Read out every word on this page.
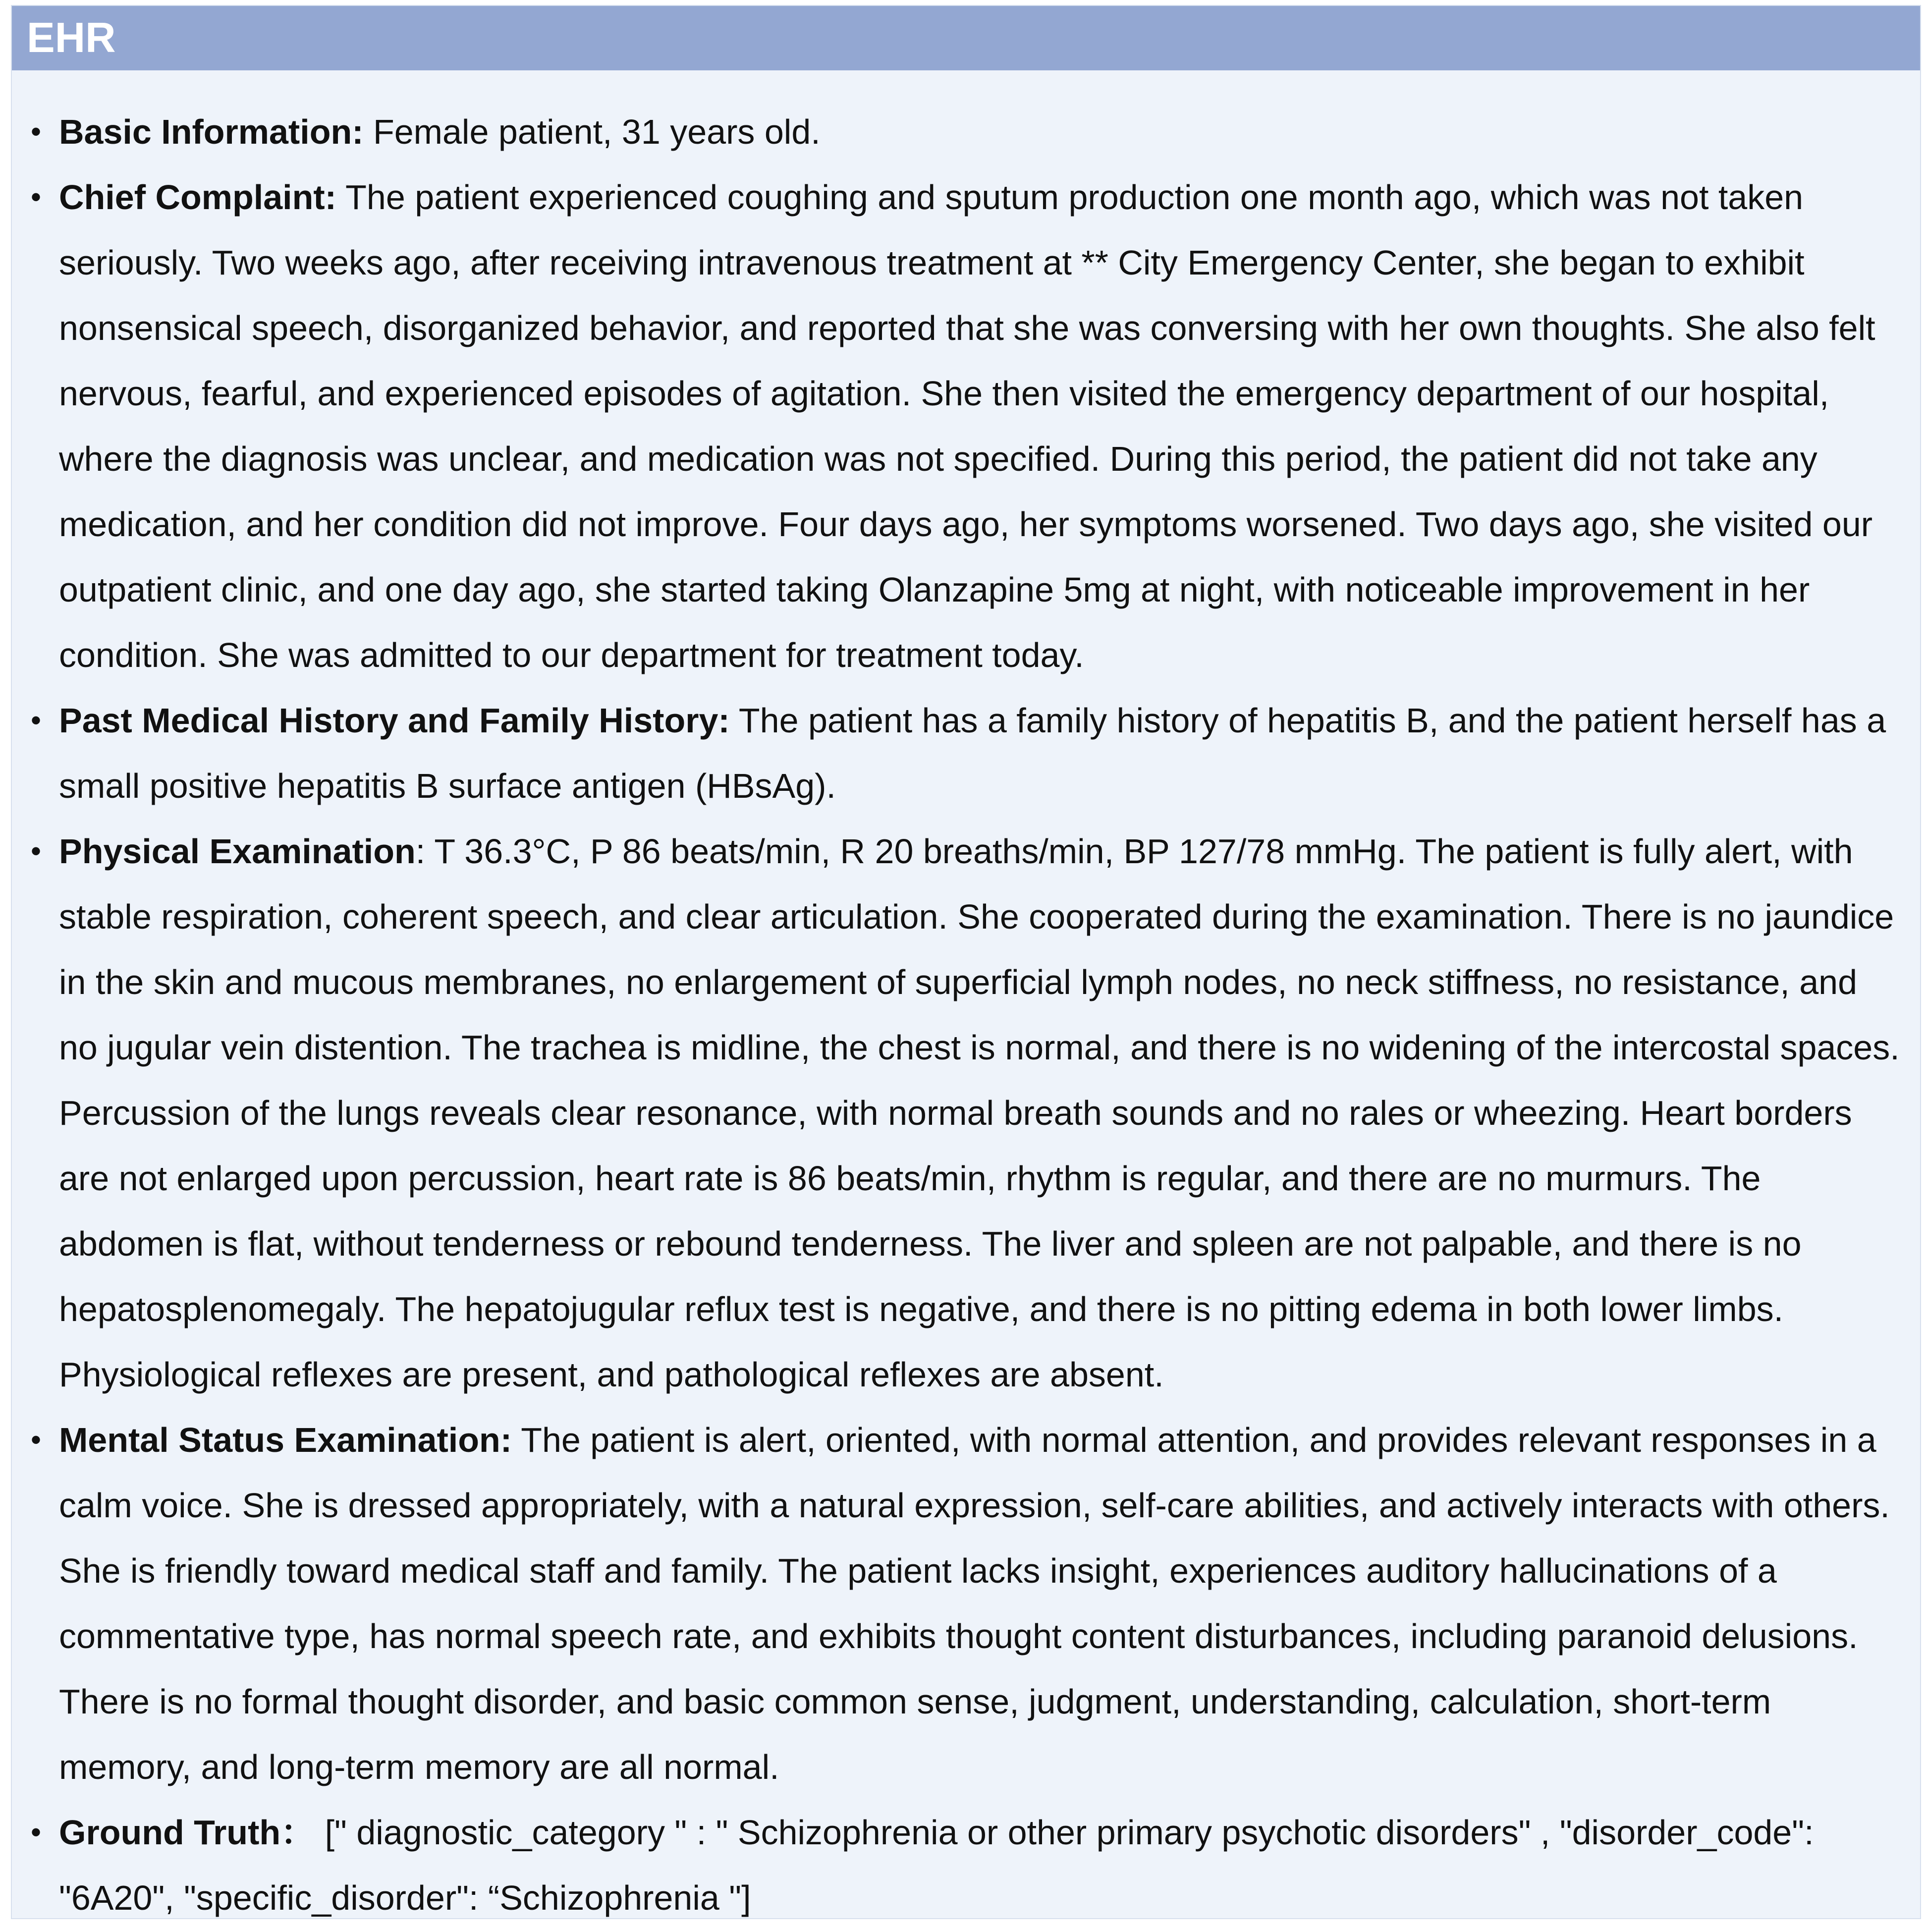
EHR
• Basic Information: Female patient, 31 years old.
• Chief Complaint: The patient experienced coughing and sputum production one month ago, which was not taken seriously. Two weeks ago, after receiving intravenous treatment at ** City Emergency Center, she began to exhibit nonsensical speech, disorganized behavior, and reported that she was conversing with her own thoughts. She also felt nervous, fearful, and experienced episodes of agitation. She then visited the emergency department of our hospital, where the diagnosis was unclear, and medication was not specified. During this period, the patient did not take any medication, and her condition did not improve. Four days ago, her symptoms worsened. Two days ago, she visited our outpatient clinic, and one day ago, she started taking Olanzapine 5mg at night, with noticeable improvement in her condition. She was admitted to our department for treatment today.
• Past Medical History and Family History: The patient has a family history of hepatitis B, and the patient herself has a small positive hepatitis B surface antigen (HBsAg).
• Physical Examination: T 36.3°C, P 86 beats/min, R 20 breaths/min, BP 127/78 mmHg. The patient is fully alert, with stable respiration, coherent speech, and clear articulation. She cooperated during the examination. There is no jaundice in the skin and mucous membranes, no enlargement of superficial lymph nodes, no neck stiffness, no resistance, and no jugular vein distention. The trachea is midline, the chest is normal, and there is no widening of the intercostal spaces. Percussion of the lungs reveals clear resonance, with normal breath sounds and no rales or wheezing. Heart borders are not enlarged upon percussion, heart rate is 86 beats/min, rhythm is regular, and there are no murmurs. The abdomen is flat, without tenderness or rebound tenderness. The liver and spleen are not palpable, and there is no hepatosplenomegaly. The hepatojugular reflux test is negative, and there is no pitting edema in both lower limbs. Physiological reflexes are present, and pathological reflexes are absent.
• Mental Status Examination: The patient is alert, oriented, with normal attention, and provides relevant responses in a calm voice. She is dressed appropriately, with a natural expression, self-care abilities, and actively interacts with others. She is friendly toward medical staff and family. The patient lacks insight, experiences auditory hallucinations of a commentative type, has normal speech rate, and exhibits thought content disturbances, including paranoid delusions. There is no formal thought disorder, and basic common sense, judgment, understanding, calculation, short-term memory, and long-term memory are all normal.
• Ground Truth： [" diagnostic_category " : " Schizophrenia or other primary psychotic disorders" , "disorder_code": "6A20", "specific_disorder": “Schizophrenia "]
